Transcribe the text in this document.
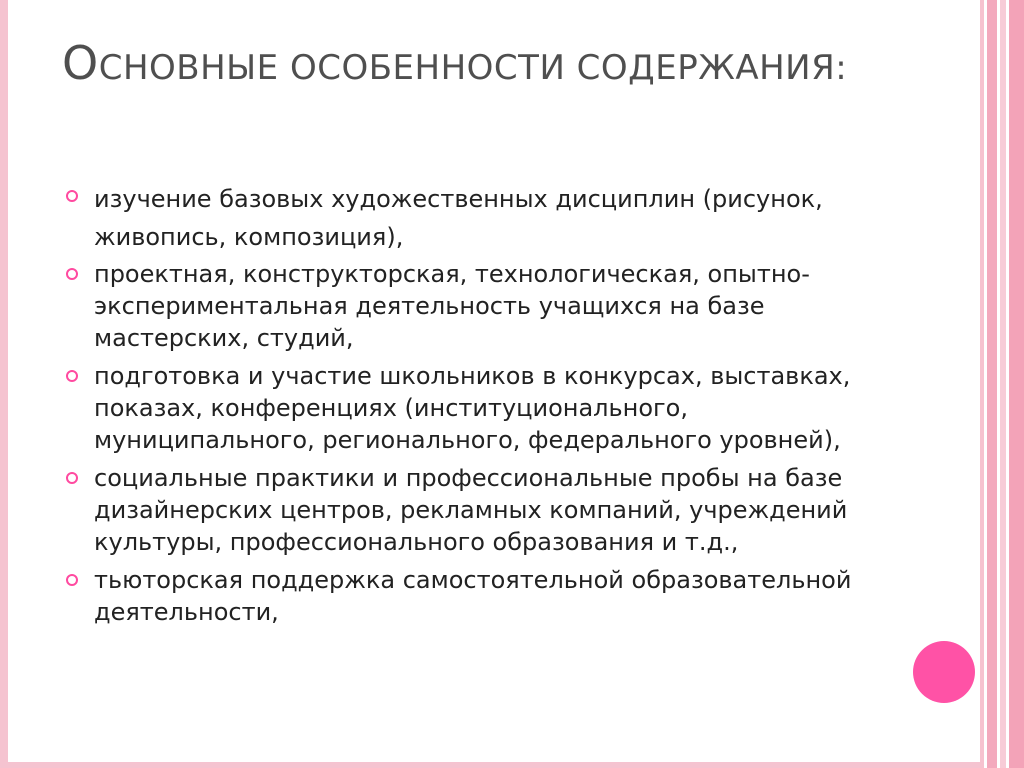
ОСНОВНЫЕ ОСОБЕННОСТИ СОДЕРЖАНИЯ:
изучение базовых художественных дисциплин (рисунок, живопись, композиция),
проектная, конструкторская, технологическая, опытно-экспериментальная деятельность учащихся на базе мастерских, студий,
подготовка и участие школьников в конкурсах, выставках, показах, конференциях (институционального, муниципального, регионального, федерального уровней),
социальные практики и профессиональные пробы на базе дизайнерских центров, рекламных компаний, учреждений культуры, профессионального образования и т.д.,
тьюторская поддержка самостоятельной образовательной деятельности,
